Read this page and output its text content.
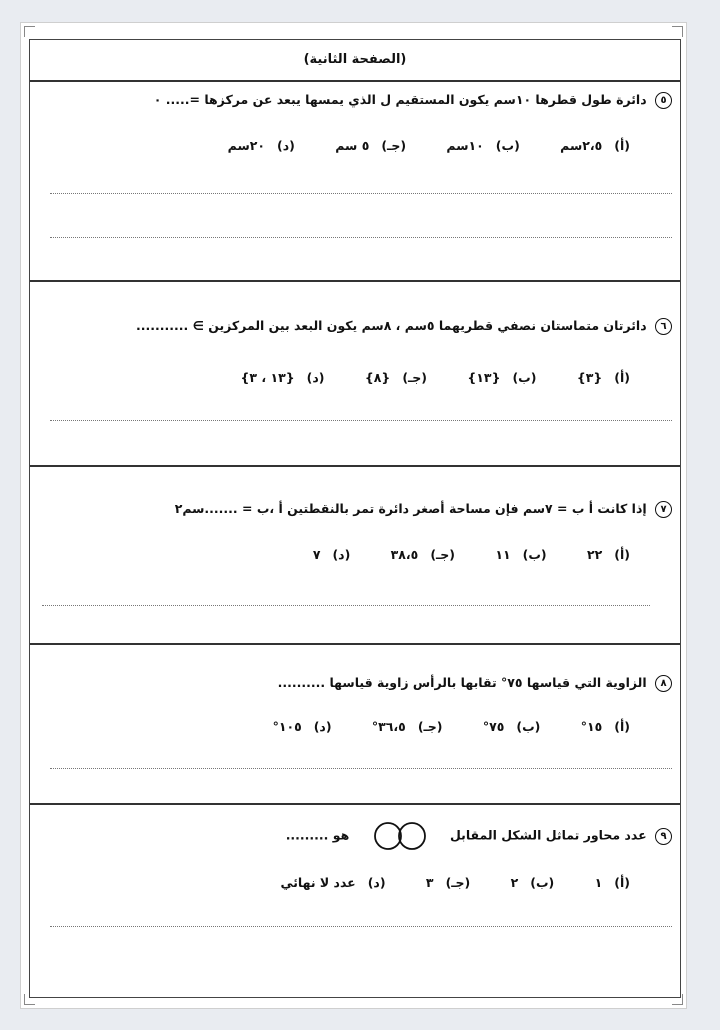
(الصفحة الثانية)
٥ دائرة طول قطرها ١٠سم يكون المستقيم ل الذي يمسها يبعد عن مركزها =..... ٠
(أ)٢،٥سم (ب)١٠سم (جـ)٥ سم (د)٢٠سم
٦ دائرتان متماستان نصفي قطريهما ٥سم ، ٨سم يكون البعد بين المركزين ∋ ...........
(أ){٣} (ب){١٣} (جـ){٨} (د){١٣ ، ٣}
٧ إذا كانت أ ب = ٧سم فإن مساحة أصغر دائرة تمر بالنقطتين أ ،ب = .......سم٢
(أ)٢٢ (ب)١١ (جـ)٣٨،٥ (د)٧
٨ الزاوية التي قياسها ٧٥° تقابها بالرأس زاوية قياسها ..........
(أ)١٥° (ب)٧٥° (جـ)٣٦،٥° (د)١٠٥°
٩ عدد محاور تماثل الشكل المقابل  هو .........
(أ)١ (ب)٢ (جـ)٣ (د)عدد لا نهائي
